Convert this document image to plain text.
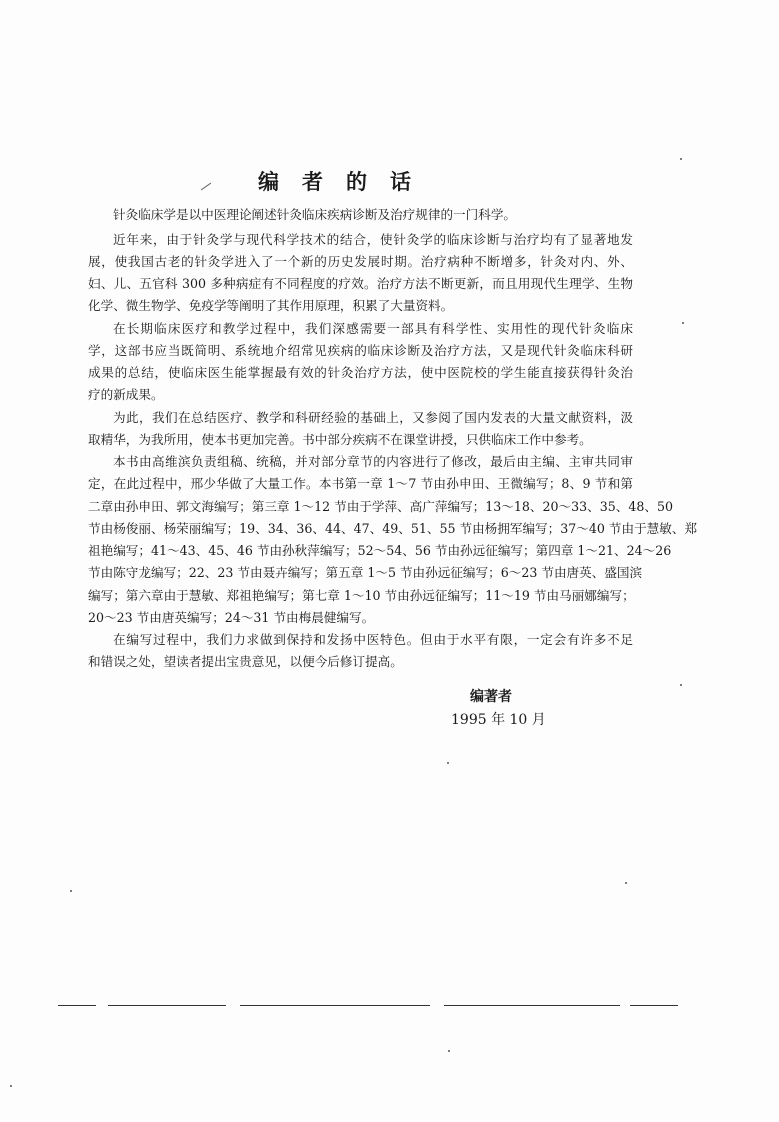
编 者 的 话
针灸临床学是以中医理论阐述针灸临床疾病诊断及治疗规律的一门科学。
近年来，由于针灸学与现代科学技术的结合，使针灸学的临床诊断与治疗均有了显著地发
展，使我国古老的针灸学进入了一个新的历史发展时期。治疗病种不断增多，针灸对内、外、
妇、儿、五官科 300 多种病症有不同程度的疗效。治疗方法不断更新，而且用现代生理学、生物
化学、微生物学、免疫学等阐明了其作用原理，积累了大量资料。
在长期临床医疗和教学过程中，我们深感需要一部具有科学性、实用性的现代针灸临床
学，这部书应当既简明、系统地介绍常见疾病的临床诊断及治疗方法，又是现代针灸临床科研
成果的总结，使临床医生能掌握最有效的针灸治疗方法，使中医院校的学生能直接获得针灸治
疗的新成果。
为此，我们在总结医疗、教学和科研经验的基础上，又参阅了国内发表的大量文献资料，汲
取精华，为我所用，使本书更加完善。书中部分疾病不在课堂讲授，只供临床工作中参考。
本书由高维滨负责组稿、统稿，并对部分章节的内容进行了修改，最后由主编、主审共同审
定，在此过程中，邢少华做了大量工作。本书第一章 1～7 节由孙申田、王微编写；8、9 节和第
二章由孙申田、郭文海编写；第三章 1～12 节由于学萍、高广萍编写；13～18、20～33、35、48、50
节由杨俊丽、杨荣丽编写；19、34、36、44、47、49、51、55 节由杨拥军编写；37～40 节由于慧敏、郑
祖艳编写；41～43、45、46 节由孙秋萍编写；52～54、56 节由孙远征编写；第四章 1～21、24～26
节由陈守龙编写；22、23 节由聂卉编写；第五章 1～5 节由孙远征编写；6～23 节由唐英、盛国滨
编写；第六章由于慧敏、郑祖艳编写；第七章 1～10 节由孙远征编写；11～19 节由马丽娜编写；
20～23 节由唐英编写；24～31 节由梅晨健编写。
在编写过程中，我们力求做到保持和发扬中医特色。但由于水平有限，一定会有许多不足
和错误之处，望读者提出宝贵意见，以便今后修订提高。
编著者
1995 年 10 月
